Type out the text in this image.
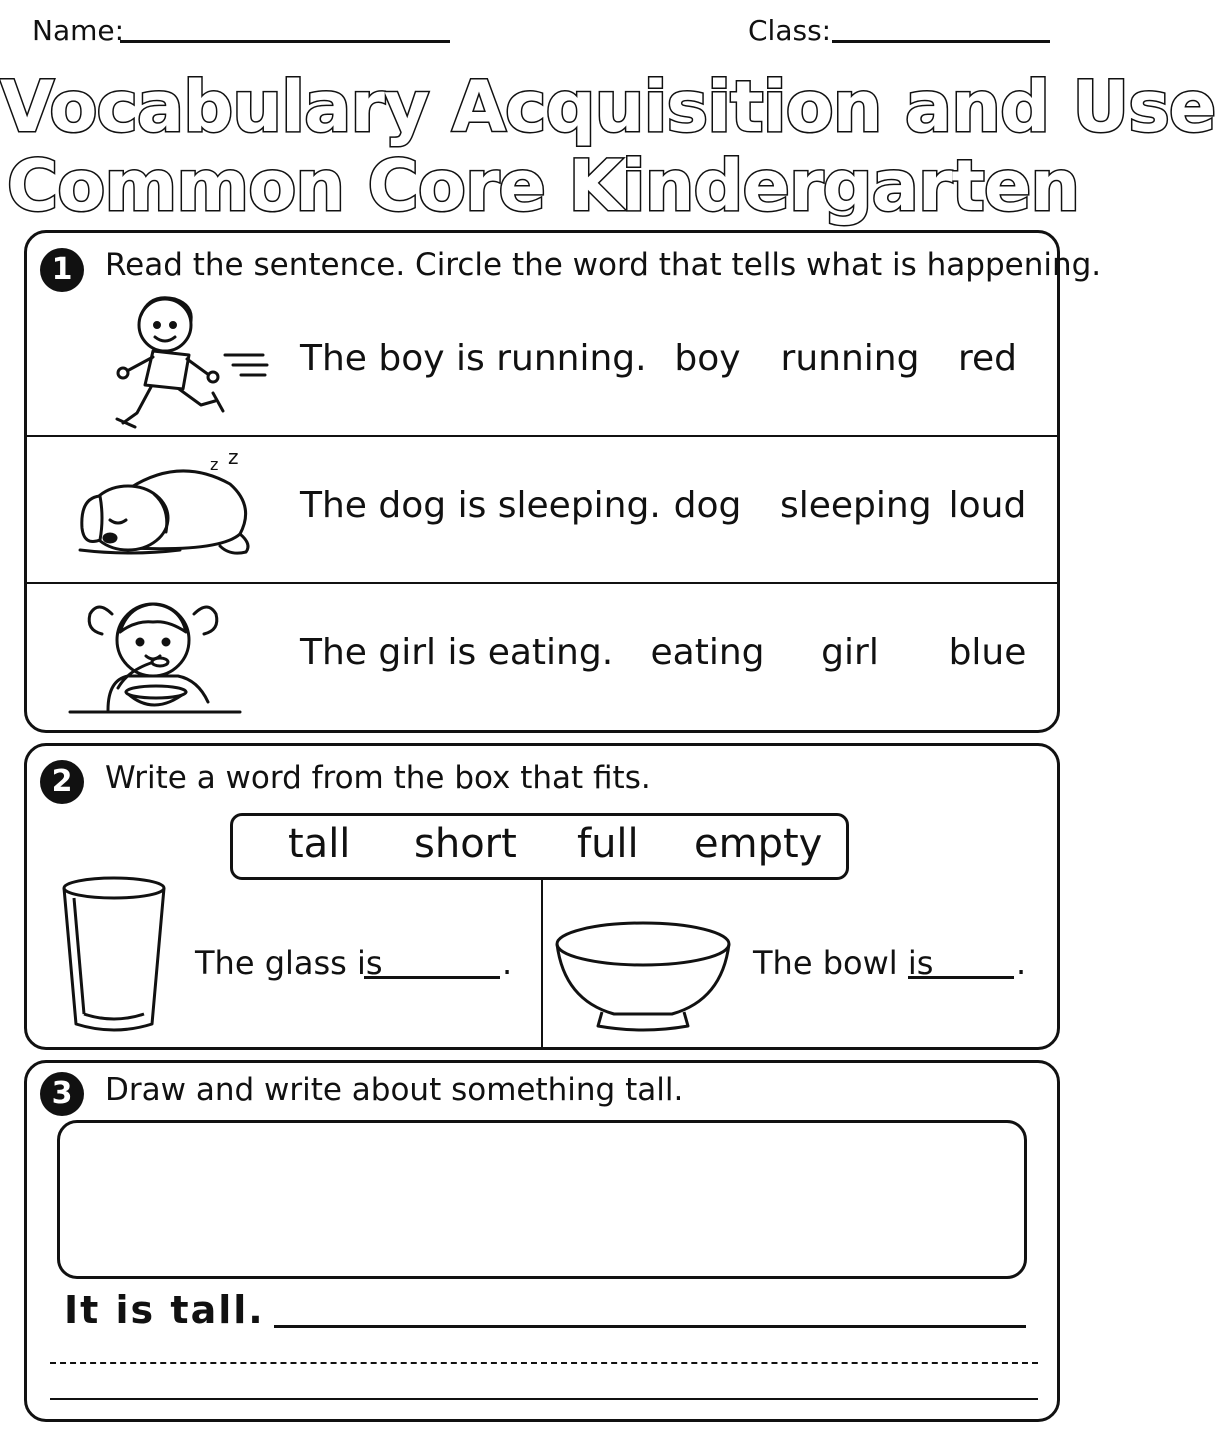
Name:	Class:
Vocabulary Acquisition and Use
Common Core Kindergarten
1	Read the sentence. Circle the word that tells what is happening.
The boy is running. boy	running	red
z z
The dog is sleeping. dog	sleeping loud
The girl is eating. eating	girl	blue
2	Write a word from the box that fits.
tall short full empty
The glass is	.	The bowl is	.
3	Draw and write about something tall.
It is tall.
